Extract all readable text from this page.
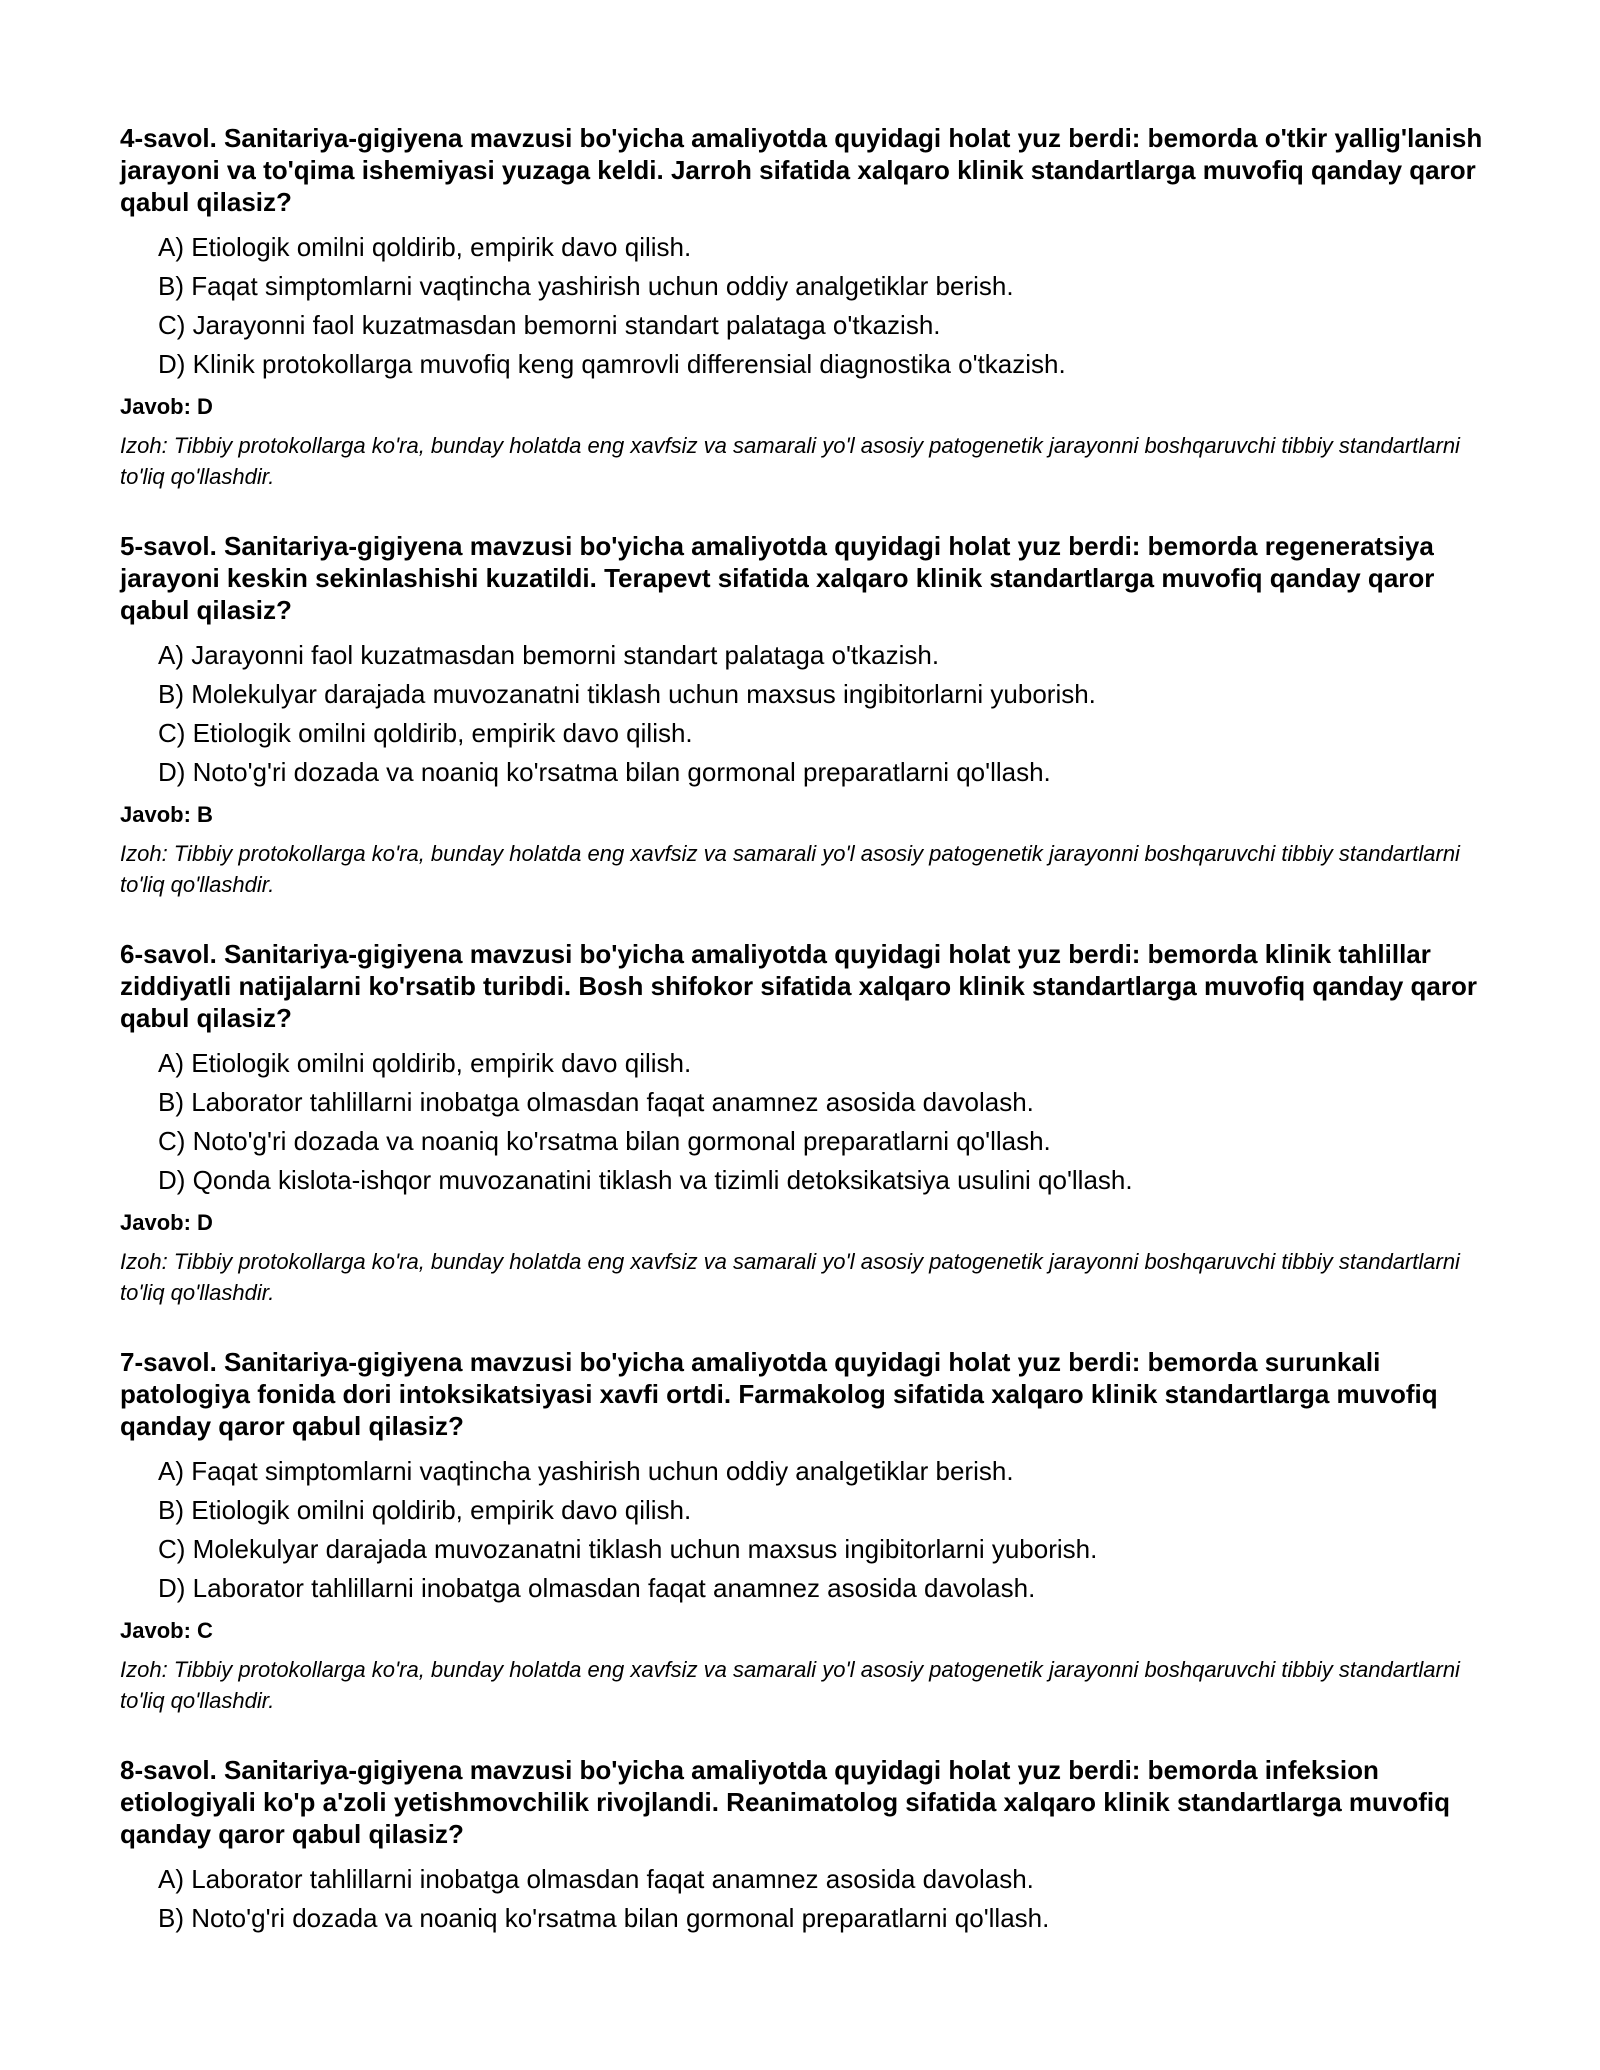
4-savol. Sanitariya-gigiyena mavzusi bo'yicha amaliyotda quyidagi holat yuz berdi: bemorda o'tkir yallig'lanish jarayoni va to'qima ishemiyasi yuzaga keldi. Jarroh sifatida xalqaro klinik standartlarga muvofiq qanday qaror qabul qilasiz?

A) Etiologik omilni qoldirib, empirik davo qilish.
B) Faqat simptomlarni vaqtincha yashirish uchun oddiy analgetiklar berish.
C) Jarayonni faol kuzatmasdan bemorni standart palataga o'tkazish.
D) Klinik protokollarga muvofiq keng qamrovli differensial diagnostika o'tkazish.

Javob: D

Izoh: Tibbiy protokollarga ko'ra, bunday holatda eng xavfsiz va samarali yo'l asosiy patogenetik jarayonni boshqaruvchi tibbiy standartlarni to'liq qo'llashdir.

5-savol. Sanitariya-gigiyena mavzusi bo'yicha amaliyotda quyidagi holat yuz berdi: bemorda regeneratsiya jarayoni keskin sekinlashishi kuzatildi. Terapevt sifatida xalqaro klinik standartlarga muvofiq qanday qaror qabul qilasiz?

A) Jarayonni faol kuzatmasdan bemorni standart palataga o'tkazish.
B) Molekulyar darajada muvozanatni tiklash uchun maxsus ingibitorlarni yuborish.
C) Etiologik omilni qoldirib, empirik davo qilish.
D) Noto'g'ri dozada va noaniq ko'rsatma bilan gormonal preparatlarni qo'llash.

Javob: B

Izoh: Tibbiy protokollarga ko'ra, bunday holatda eng xavfsiz va samarali yo'l asosiy patogenetik jarayonni boshqaruvchi tibbiy standartlarni to'liq qo'llashdir.

6-savol. Sanitariya-gigiyena mavzusi bo'yicha amaliyotda quyidagi holat yuz berdi: bemorda klinik tahlillar ziddiyatli natijalarni ko'rsatib turibdi. Bosh shifokor sifatida xalqaro klinik standartlarga muvofiq qanday qaror qabul qilasiz?

A) Etiologik omilni qoldirib, empirik davo qilish.
B) Laborator tahlillarni inobatga olmasdan faqat anamnez asosida davolash.
C) Noto'g'ri dozada va noaniq ko'rsatma bilan gormonal preparatlarni qo'llash.
D) Qonda kislota-ishqor muvozanatini tiklash va tizimli detoksikatsiya usulini qo'llash.

Javob: D

Izoh: Tibbiy protokollarga ko'ra, bunday holatda eng xavfsiz va samarali yo'l asosiy patogenetik jarayonni boshqaruvchi tibbiy standartlarni to'liq qo'llashdir.

7-savol. Sanitariya-gigiyena mavzusi bo'yicha amaliyotda quyidagi holat yuz berdi: bemorda surunkali patologiya fonida dori intoksikatsiyasi xavfi ortdi. Farmakolog sifatida xalqaro klinik standartlarga muvofiq qanday qaror qabul qilasiz?

A) Faqat simptomlarni vaqtincha yashirish uchun oddiy analgetiklar berish.
B) Etiologik omilni qoldirib, empirik davo qilish.
C) Molekulyar darajada muvozanatni tiklash uchun maxsus ingibitorlarni yuborish.
D) Laborator tahlillarni inobatga olmasdan faqat anamnez asosida davolash.

Javob: C

Izoh: Tibbiy protokollarga ko'ra, bunday holatda eng xavfsiz va samarali yo'l asosiy patogenetik jarayonni boshqaruvchi tibbiy standartlarni to'liq qo'llashdir.

8-savol. Sanitariya-gigiyena mavzusi bo'yicha amaliyotda quyidagi holat yuz berdi: bemorda infeksion etiologiyali ko'p a'zoli yetishmovchilik rivojlandi. Reanimatolog sifatida xalqaro klinik standartlarga muvofiq qanday qaror qabul qilasiz?

A) Laborator tahlillarni inobatga olmasdan faqat anamnez asosida davolash.
B) Noto'g'ri dozada va noaniq ko'rsatma bilan gormonal preparatlarni qo'llash.
